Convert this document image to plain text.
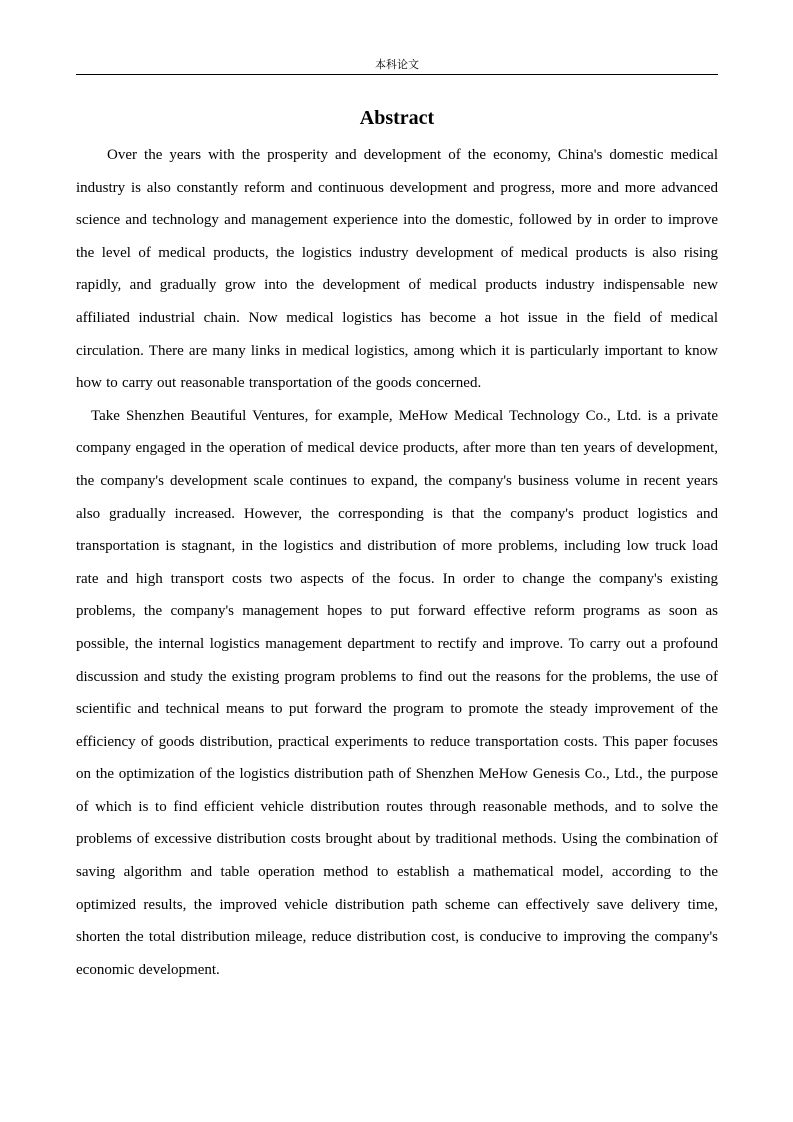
本科论文
Abstract

Over the years with the prosperity and development of the economy, China's domestic medical industry is also constantly reform and continuous development and progress, more and more advanced science and technology and management experience into the domestic, followed by in order to improve the level of medical products, the logistics industry development of medical products is also rising rapidly, and gradually grow into the development of medical products industry indispensable new affiliated industrial chain. Now medical logistics has become a hot issue in the field of medical circulation. There are many links in medical logistics, among which it is particularly important to know how to carry out reasonable transportation of the goods concerned.

Take Shenzhen Beautiful Ventures, for example, MeHow Medical Technology Co., Ltd. is a private company engaged in the operation of medical device products, after more than ten years of development, the company's development scale continues to expand, the company's business volume in recent years also gradually increased. However, the corresponding is that the company's product logistics and transportation is stagnant, in the logistics and distribution of more problems, including low truck load rate and high transport costs two aspects of the focus. In order to change the company's existing problems, the company's management hopes to put forward effective reform programs as soon as possible, the internal logistics management department to rectify and improve. To carry out a profound discussion and study the existing program problems to find out the reasons for the problems, the use of scientific and technical means to put forward the program to promote the steady improvement of the efficiency of goods distribution, practical experiments to reduce transportation costs. This paper focuses on the optimization of the logistics distribution path of Shenzhen MeHow Genesis Co., Ltd., the purpose of which is to find efficient vehicle distribution routes through reasonable methods, and to solve the problems of excessive distribution costs brought about by traditional methods. Using the combination of saving algorithm and table operation method to establish a mathematical model, according to the optimized results, the improved vehicle distribution path scheme can effectively save delivery time, shorten the total distribution mileage, reduce distribution cost, is conducive to improving the company's economic development.
